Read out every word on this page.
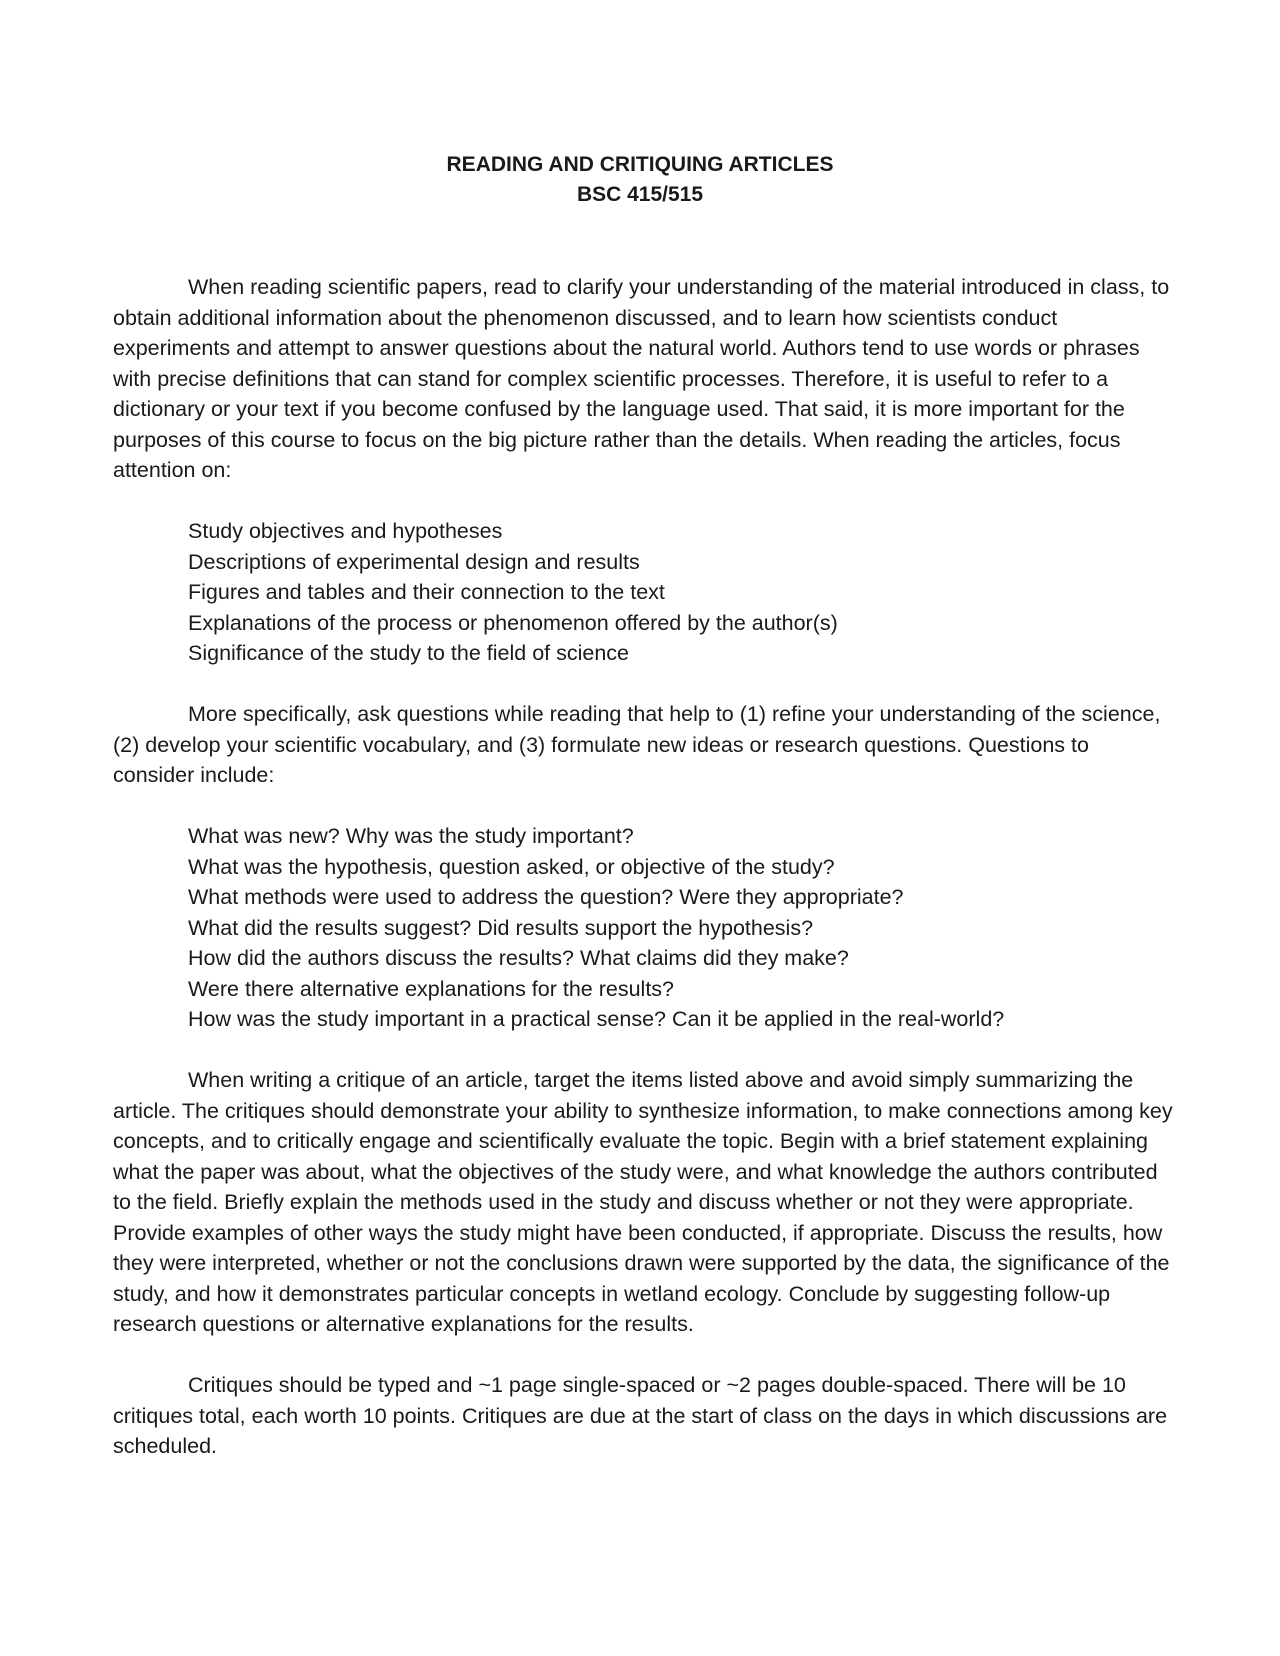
READING AND CRITIQUING ARTICLES
BSC 415/515

When reading scientific papers, read to clarify your understanding of the material introduced in class, to obtain additional information about the phenomenon discussed, and to learn how scientists conduct experiments and attempt to answer questions about the natural world. Authors tend to use words or phrases with precise definitions that can stand for complex scientific processes. Therefore, it is useful to refer to a dictionary or your text if you become confused by the language used. That said, it is more important for the purposes of this course to focus on the big picture rather than the details. When reading the articles, focus attention on:

Study objectives and hypotheses
Descriptions of experimental design and results
Figures and tables and their connection to the text
Explanations of the process or phenomenon offered by the author(s)
Significance of the study to the field of science

More specifically, ask questions while reading that help to (1) refine your understanding of the science, (2) develop your scientific vocabulary, and (3) formulate new ideas or research questions. Questions to consider include:

What was new? Why was the study important?
What was the hypothesis, question asked, or objective of the study?
What methods were used to address the question? Were they appropriate?
What did the results suggest? Did results support the hypothesis?
How did the authors discuss the results? What claims did they make?
Were there alternative explanations for the results?
How was the study important in a practical sense? Can it be applied in the real-world?

When writing a critique of an article, target the items listed above and avoid simply summarizing the article. The critiques should demonstrate your ability to synthesize information, to make connections among key concepts, and to critically engage and scientifically evaluate the topic. Begin with a brief statement explaining what the paper was about, what the objectives of the study were, and what knowledge the authors contributed to the field. Briefly explain the methods used in the study and discuss whether or not they were appropriate. Provide examples of other ways the study might have been conducted, if appropriate. Discuss the results, how they were interpreted, whether or not the conclusions drawn were supported by the data, the significance of the study, and how it demonstrates particular concepts in wetland ecology. Conclude by suggesting follow-up research questions or alternative explanations for the results.

Critiques should be typed and ~1 page single-spaced or ~2 pages double-spaced. There will be 10 critiques total, each worth 10 points. Critiques are due at the start of class on the days in which discussions are scheduled.
